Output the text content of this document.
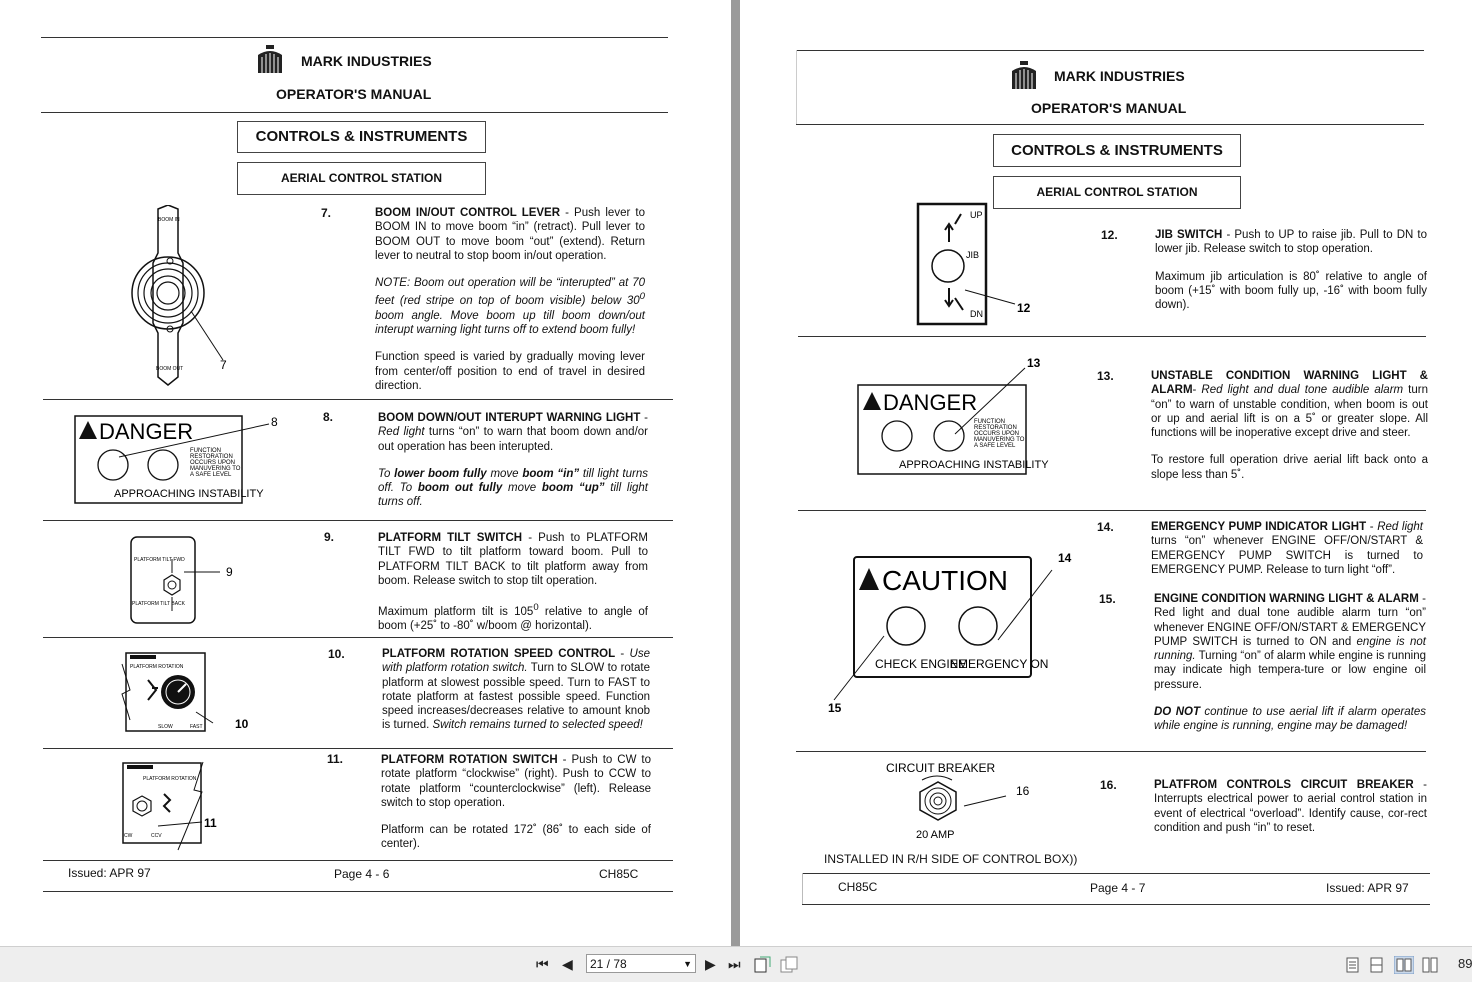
MARK INDUSTRIES
OPERATOR'S MANUAL
CONTROLS & INSTRUMENTS
AERIAL CONTROL STATION
7.	BOOM IN/OUT CONTROL LEVER - Push lever to BOOM IN to move boom “in” (retract). Pull lever to BOOM OUT to move boom “out” (extend). Return lever to neutral to stop boom in/out operation.

NOTE: Boom out operation will be “interupted” at 70 feet (red stripe on top of boom visible) below $30^0$ boom angle. Move boom up till boom down/out interupt warning light turns off to extend boom fully!

Function speed is varied by gradually moving lever from center/off position to end of travel in desired direction.

BOOM IN
BOOM OUT	7
8.	BOOM DOWN/OUT INTERUPT WARNING LIGHT - Red light turns “on” to warn that boom down and/or out operation has been interupted.

To lower boom fully move boom “in” till light turns off. To boom out fully move boom “up” till light turns off.

DANGER
FUNCTION RESTORATION OCCURS UPON MANUVERING TO A SAFE LEVEL
APPROACHING INSTABILITY
8
9.	PLATFORM TILT SWITCH - Push to PLATFORM TILT FWD to tilt platform toward boom. Pull to PLATFORM TILT BACK to tilt platform away from boom. Release switch to stop tilt operation.

Maximum platform tilt is $105^0$ relative to angle of boom (+25˚ to -80˚ w/boom @ horizontal).

PLATFORM TILT FWD
PLATFORM TILT BACK
9
10.	PLATFORM ROTATION SPEED CONTROL - Use with platform rotation switch. Turn to SLOW to rotate platform at slowest possible speed. Turn to FAST to rotate platform at fastest possible speed. Function speed increases/decreases relative to amount knob is turned. Switch remains turned to selected speed!

PLATFORM ROTATION
SLOW	FAST	10
11.	PLATFORM ROTATION SWITCH - Push to CW to rotate platform “clockwise” (right). Push to CCW to rotate platform “counterclockwise” (left). Release switch to stop operation.

Platform can be rotated 172˚ (86˚ to each side of center).

PLATFORM ROTATION
CW	CCV
11
Issued: APR 97	Page 4 - 6	CH85C
MARK INDUSTRIES
OPERATOR'S MANUAL
CONTROLS & INSTRUMENTS
AERIAL CONTROL STATION
12.	JIB SWITCH - Push to UP to raise jib. Pull to DN to lower jib. Release switch to stop operation.

Maximum jib articulation is 80˚ relative to angle of boom (+15˚ with boom fully up, -16˚ with boom fully down).

UP
JIB
DN	12
13.	UNSTABLE CONDITION WARNING LIGHT & ALARM- Red light and dual tone audible alarm turn “on” to warn of unstable condition, when boom is out or up and aerial lift is on a 5˚ or greater slope. All functions will be inoperative except drive and steer.

To restore full operation drive aerial lift back onto a slope less than 5˚.

DANGER
FUNCTION RESTORATION OCCURS UPON MANUVERING TO A SAFE LEVEL
APPROACHING INSTABILITY
13
14.	EMERGENCY PUMP INDICATOR LIGHT - Red light turns “on” whenever ENGINE OFF/ON/START & EMERGENCY PUMP SWITCH is turned to EMERGENCY PUMP. Release to turn light “off”.

15.	ENGINE CONDITION WARNING LIGHT & ALARM - Red light and dual tone audible alarm turn “on” whenever ENGINE OFF/ON/START & EMERGENCY PUMP SWITCH is turned to ON and engine is not running. Turning “on” of alarm while engine is running may indicate high tempera-ture or low engine oil pressure.

DO NOT continue to use aerial lift if alarm operates while engine is running, engine may be damaged!

CAUTION
CHECK ENGINE
EMERGENCY ON
14
15
16.	PLATFROM CONTROLS CIRCUIT BREAKER - Interrupts electrical power to aerial control station in event of electrical “overload”. Identify cause, cor-rect condition and push “in” to reset.

CIRCUIT BREAKER
16
20 AMP
INSTALLED IN R/H SIDE OF CONTROL BOX))
CH85C	Page 4 - 7	Issued: APR 97
⏮ ◀	21 / 78	▼ ▶ ⏭	89
